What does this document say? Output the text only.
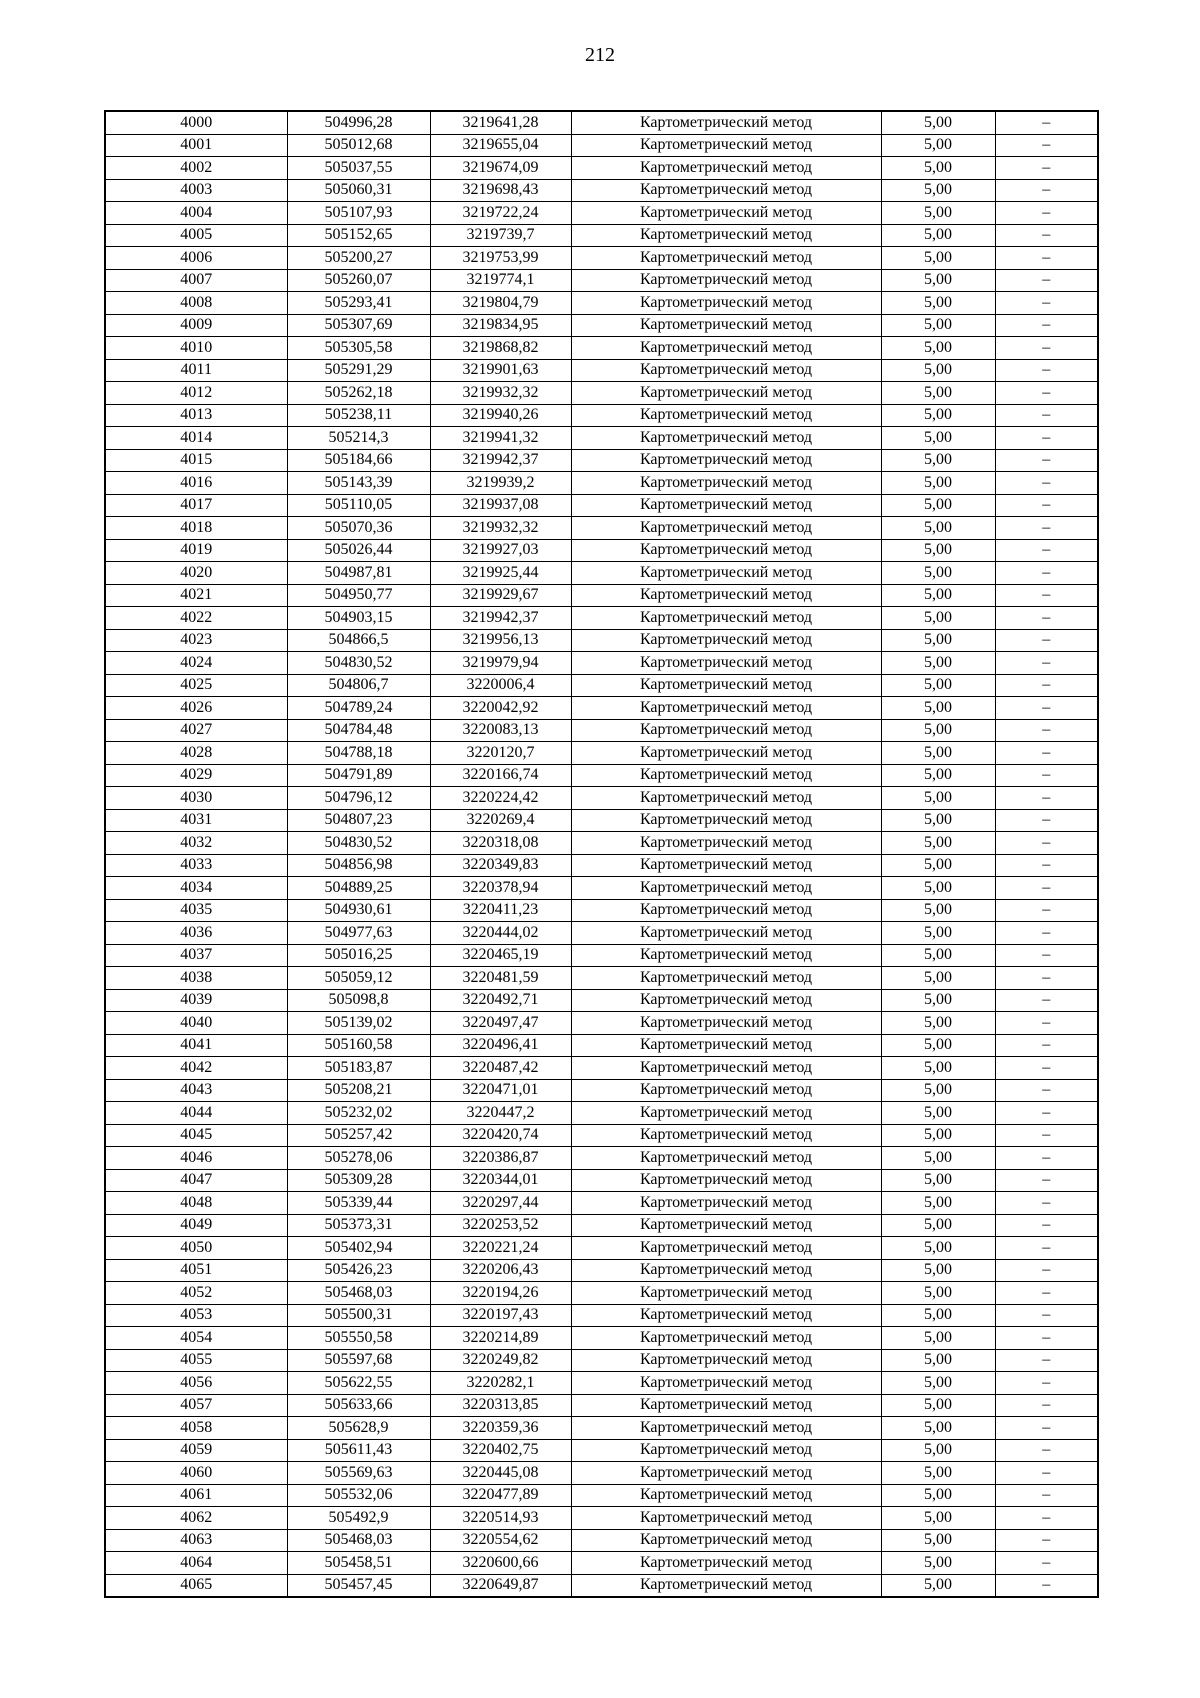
212
4000	504996,28	3219641,28	Картометрический метод	5,00	–
4001	505012,68	3219655,04	Картометрический метод	5,00	–
4002	505037,55	3219674,09	Картометрический метод	5,00	–
4003	505060,31	3219698,43	Картометрический метод	5,00	–
4004	505107,93	3219722,24	Картометрический метод	5,00	–
4005	505152,65	3219739,7	Картометрический метод	5,00	–
4006	505200,27	3219753,99	Картометрический метод	5,00	–
4007	505260,07	3219774,1	Картометрический метод	5,00	–
4008	505293,41	3219804,79	Картометрический метод	5,00	–
4009	505307,69	3219834,95	Картометрический метод	5,00	–
4010	505305,58	3219868,82	Картометрический метод	5,00	–
4011	505291,29	3219901,63	Картометрический метод	5,00	–
4012	505262,18	3219932,32	Картометрический метод	5,00	–
4013	505238,11	3219940,26	Картометрический метод	5,00	–
4014	505214,3	3219941,32	Картометрический метод	5,00	–
4015	505184,66	3219942,37	Картометрический метод	5,00	–
4016	505143,39	3219939,2	Картометрический метод	5,00	–
4017	505110,05	3219937,08	Картометрический метод	5,00	–
4018	505070,36	3219932,32	Картометрический метод	5,00	–
4019	505026,44	3219927,03	Картометрический метод	5,00	–
4020	504987,81	3219925,44	Картометрический метод	5,00	–
4021	504950,77	3219929,67	Картометрический метод	5,00	–
4022	504903,15	3219942,37	Картометрический метод	5,00	–
4023	504866,5	3219956,13	Картометрический метод	5,00	–
4024	504830,52	3219979,94	Картометрический метод	5,00	–
4025	504806,7	3220006,4	Картометрический метод	5,00	–
4026	504789,24	3220042,92	Картометрический метод	5,00	–
4027	504784,48	3220083,13	Картометрический метод	5,00	–
4028	504788,18	3220120,7	Картометрический метод	5,00	–
4029	504791,89	3220166,74	Картометрический метод	5,00	–
4030	504796,12	3220224,42	Картометрический метод	5,00	–
4031	504807,23	3220269,4	Картометрический метод	5,00	–
4032	504830,52	3220318,08	Картометрический метод	5,00	–
4033	504856,98	3220349,83	Картометрический метод	5,00	–
4034	504889,25	3220378,94	Картометрический метод	5,00	–
4035	504930,61	3220411,23	Картометрический метод	5,00	–
4036	504977,63	3220444,02	Картометрический метод	5,00	–
4037	505016,25	3220465,19	Картометрический метод	5,00	–
4038	505059,12	3220481,59	Картометрический метод	5,00	–
4039	505098,8	3220492,71	Картометрический метод	5,00	–
4040	505139,02	3220497,47	Картометрический метод	5,00	–
4041	505160,58	3220496,41	Картометрический метод	5,00	–
4042	505183,87	3220487,42	Картометрический метод	5,00	–
4043	505208,21	3220471,01	Картометрический метод	5,00	–
4044	505232,02	3220447,2	Картометрический метод	5,00	–
4045	505257,42	3220420,74	Картометрический метод	5,00	–
4046	505278,06	3220386,87	Картометрический метод	5,00	–
4047	505309,28	3220344,01	Картометрический метод	5,00	–
4048	505339,44	3220297,44	Картометрический метод	5,00	–
4049	505373,31	3220253,52	Картометрический метод	5,00	–
4050	505402,94	3220221,24	Картометрический метод	5,00	–
4051	505426,23	3220206,43	Картометрический метод	5,00	–
4052	505468,03	3220194,26	Картометрический метод	5,00	–
4053	505500,31	3220197,43	Картометрический метод	5,00	–
4054	505550,58	3220214,89	Картометрический метод	5,00	–
4055	505597,68	3220249,82	Картометрический метод	5,00	–
4056	505622,55	3220282,1	Картометрический метод	5,00	–
4057	505633,66	3220313,85	Картометрический метод	5,00	–
4058	505628,9	3220359,36	Картометрический метод	5,00	–
4059	505611,43	3220402,75	Картометрический метод	5,00	–
4060	505569,63	3220445,08	Картометрический метод	5,00	–
4061	505532,06	3220477,89	Картометрический метод	5,00	–
4062	505492,9	3220514,93	Картометрический метод	5,00	–
4063	505468,03	3220554,62	Картометрический метод	5,00	–
4064	505458,51	3220600,66	Картометрический метод	5,00	–
4065	505457,45	3220649,87	Картометрический метод	5,00	–
